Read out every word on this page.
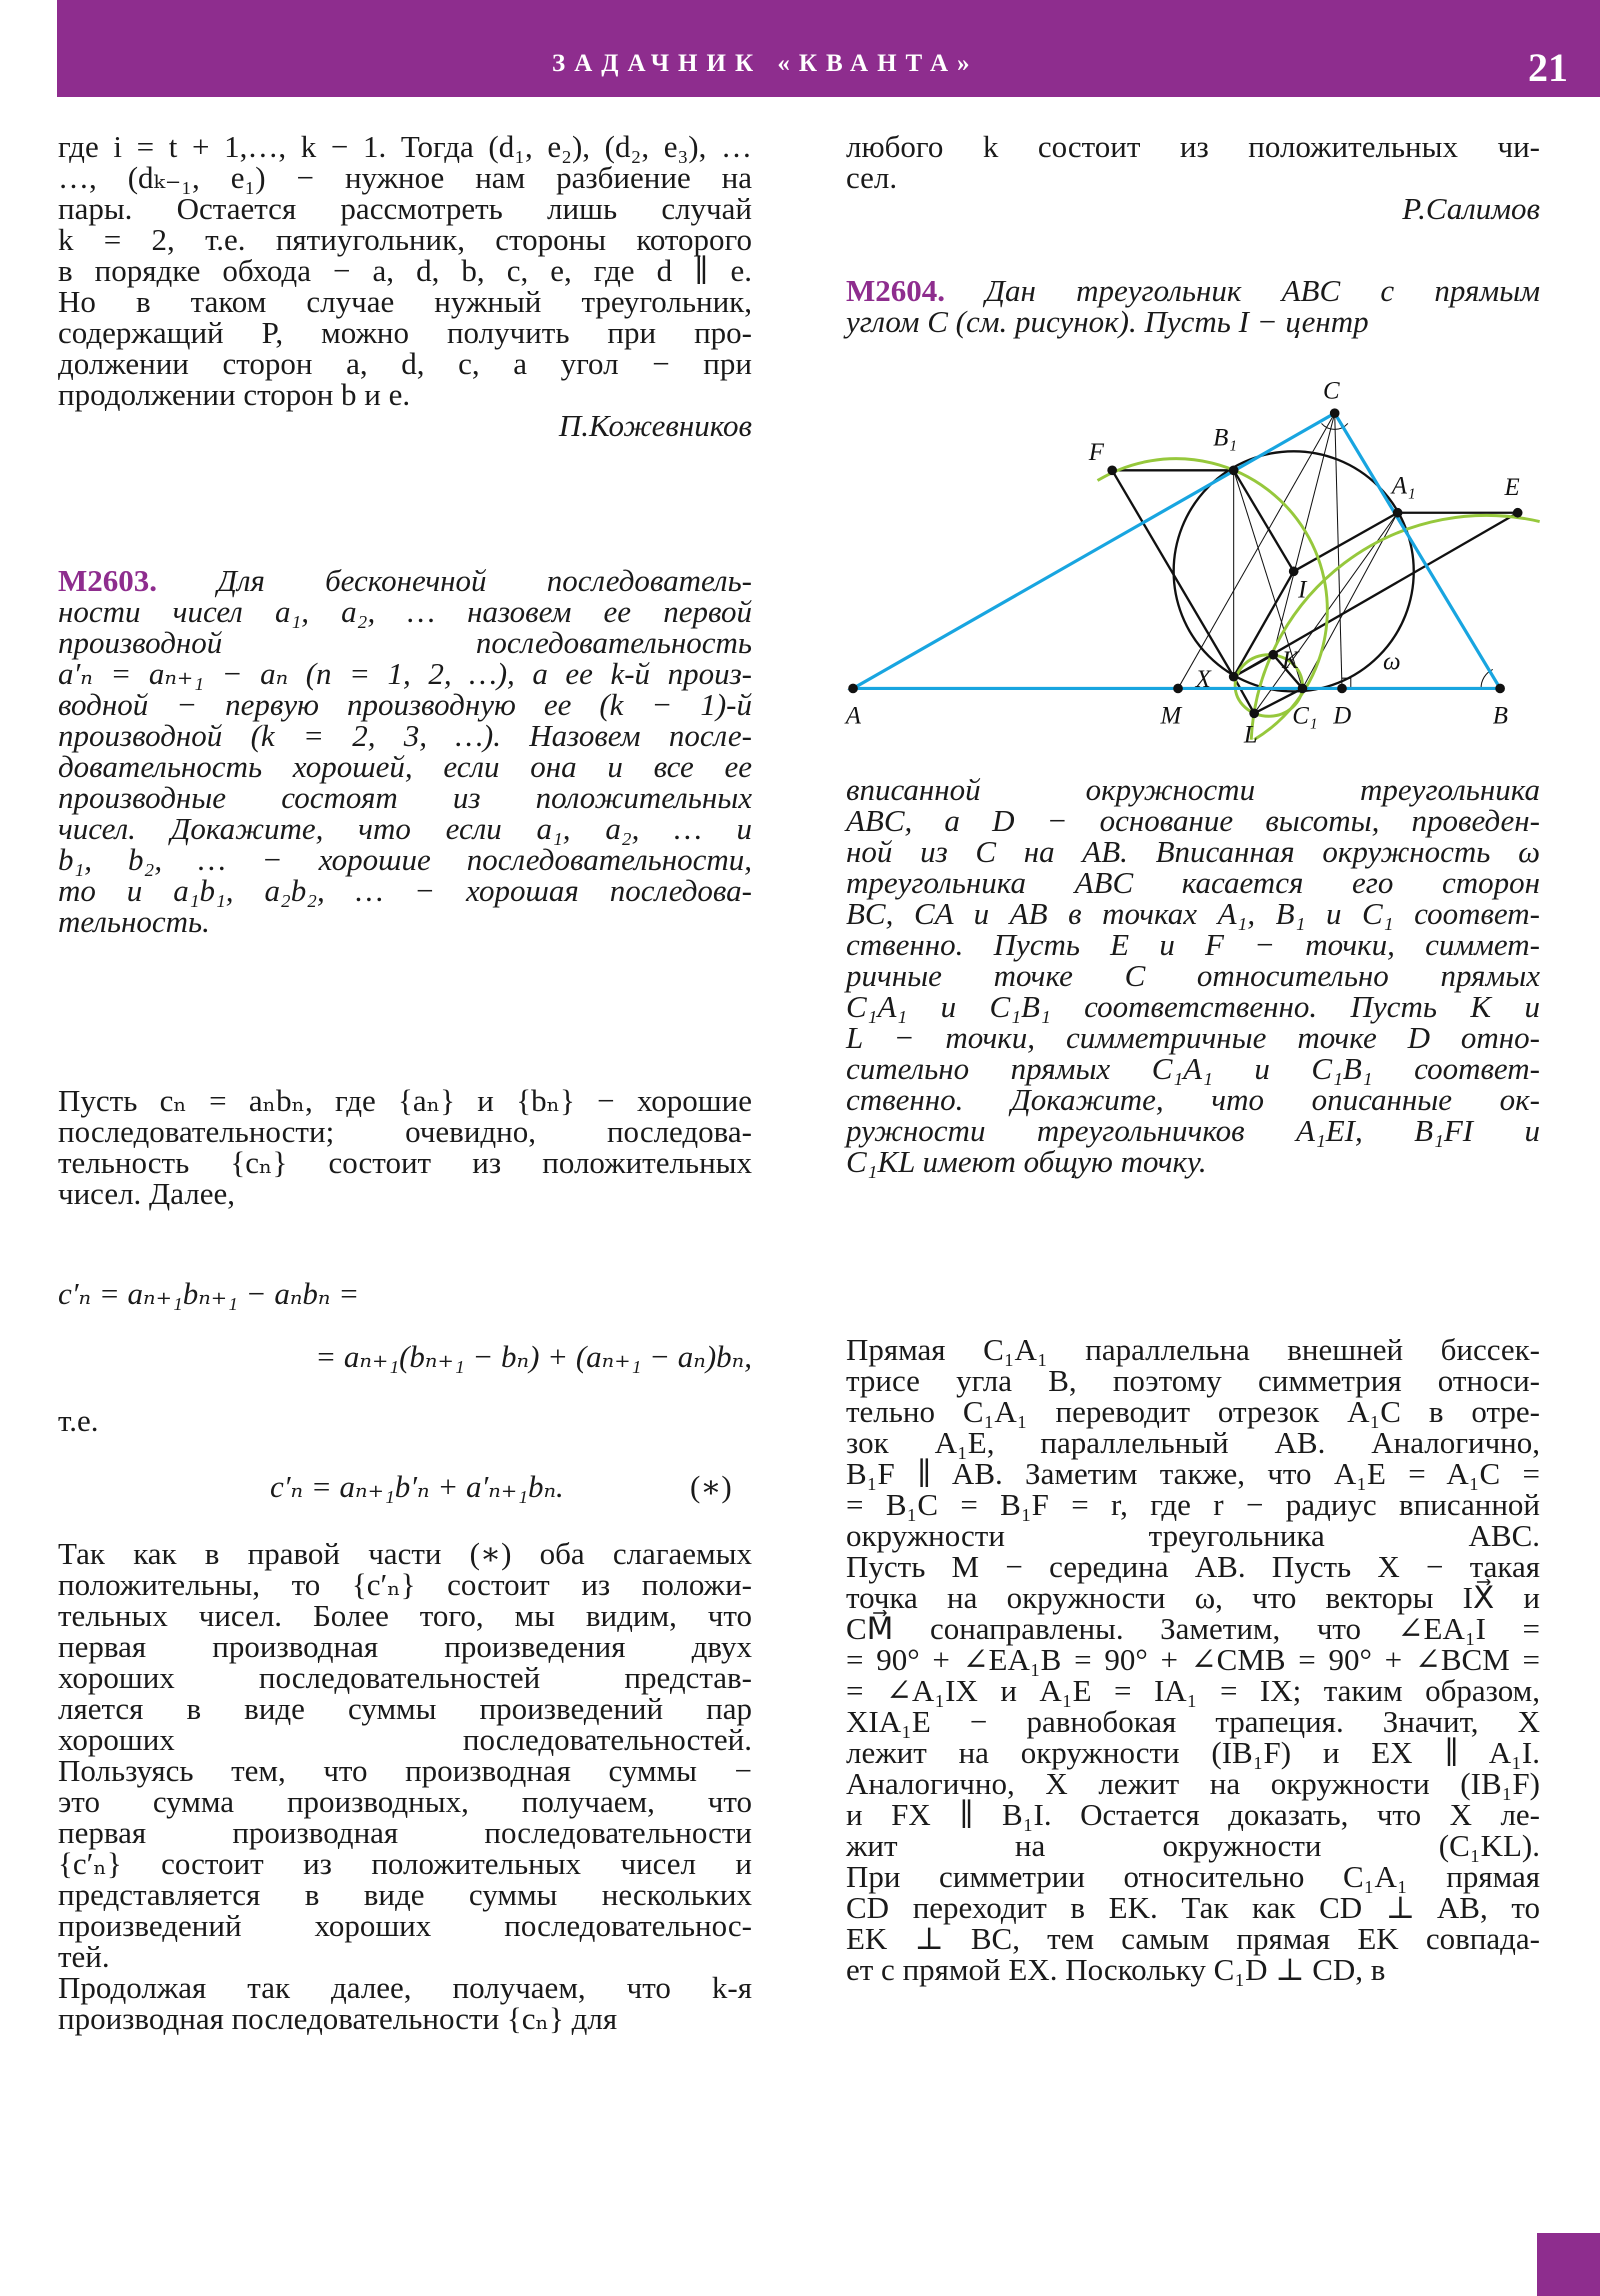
ЗАДАЧНИК «КВАНТА»	21
где i = t + 1,…, k − 1. Тогда (d₁, e₂), (d₂, e₃), …
…, (dₖ₋₁, e₁) − нужное нам разбиение на
пары. Остается рассмотреть лишь случай
k = 2, т.е. пятиугольник, стороны которого
в порядке обхода − a, d, b, c, e, где d ∥ e.
Но в таком случае нужный треугольник,
содержащий P, можно получить при про-
должении сторон a, d, c, а угол − при
продолжении сторон b и e.
П.Кожевников
M2603. Для бесконечной последователь-
ности чисел a₁, a₂, … назовем ее первой
производной последовательность
a′ₙ = aₙ₊₁ − aₙ (n = 1, 2, …), а ее k-й произ-
водной − первую производную ее (k − 1)-й
производной (k = 2, 3, …). Назовем после-
довательность хорошей, если она и все ее
производные состоят из положительных
чисел. Докажите, что если a₁, a₂, … и
b₁, b₂, … − хорошие последовательности,
то и a₁b₁, a₂b₂, … − хорошая последова-
тельность.
Пусть cₙ = aₙbₙ, где {aₙ} и {bₙ} − хорошие
последовательности; очевидно, последова-
тельность {cₙ} состоит из положительных
чисел. Далее,
c′ₙ = aₙ₊₁bₙ₊₁ − aₙbₙ =
= aₙ₊₁(bₙ₊₁ − bₙ) + (aₙ₊₁ − aₙ)bₙ,
т.е.
c′ₙ = aₙ₊₁b′ₙ + a′ₙ₊₁bₙ.	(∗)
Так как в правой части (∗) оба слагаемых
положительны, то {c′ₙ} состоит из положи-
тельных чисел. Более того, мы видим, что
первая производная произведения двух
хороших последовательностей представ-
ляется в виде суммы произведений пар
хороших последовательностей.
Пользуясь тем, что производная суммы −
это сумма производных, получаем, что
первая производная последовательности
{c′ₙ} состоит из положительных чисел и
представляется в виде суммы нескольких
произведений хороших последовательнос-
тей.
Продолжая так далее, получаем, что k-я
производная последовательности {cₙ} для
любого k состоит из положительных чи-
сел.
Р.Салимов
M2604. Дан треугольник ABC с прямым
углом C (см. рисунок). Пусть I − центр
A	B
C
M	D
C₁
X
L
K
I
B₁
F
A₁	E
ω
вписанной окружности треугольника
ABC, а D − основание высоты, проведен-
ной из C на AB. Вписанная окружность ω
треугольника ABC касается его сторон
BC, CA и AB в точках A₁, B₁ и C₁ соответ-
ственно. Пусть E и F − точки, симмет-
ричные точке C относительно прямых
C₁A₁ и C₁B₁ соответственно. Пусть K и
L − точки, симметричные точке D отно-
сительно прямых C₁A₁ и C₁B₁ соответ-
ственно. Докажите, что описанные ок-
ружности треугольничков A₁EI, B₁FI и
C₁KL имеют общую точку.
Прямая C₁A₁ параллельна внешней биссек-
трисе угла B, поэтому симметрия относи-
тельно C₁A₁ переводит отрезок A₁C в отре-
зок A₁E, параллельный AB. Аналогично,
B₁F ∥ AB. Заметим также, что A₁E = A₁C =
= B₁C = B₁F = r, где r − радиус вписанной
окружности треугольника ABC.
Пусть M − середина AB. Пусть X − такая
точка на окружности ω, что векторы IX⃗ и
CM⃗ сонаправлены. Заметим, что ∠EA₁I =
= 90° + ∠EA₁B = 90° + ∠CMB = 90° + ∠BCM =
= ∠A₁IX и A₁E = IA₁ = IX; таким образом,
XIA₁E − равнобокая трапеция. Значит, X
лежит на окружности (IB₁F) и EX ∥ A₁I.
Аналогично, X лежит на окружности (IB₁F)
и FX ∥ B₁I. Остается доказать, что X ле-
жит на окружности (C₁KL).
При симметрии относительно C₁A₁ прямая
CD переходит в EK. Так как CD ⊥ AB, то
EK ⊥ BC, тем самым прямая EK совпада-
ет с прямой EX. Поскольку C₁D ⊥ CD, в
